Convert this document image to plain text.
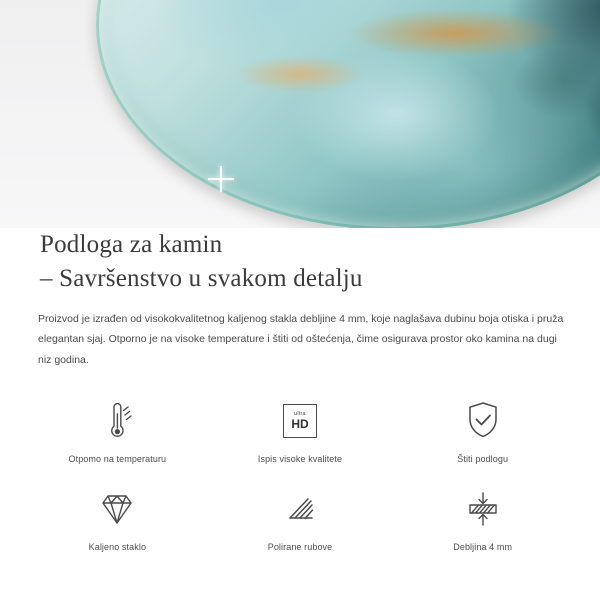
Podloga za kamin
– Savršenstvo u svakom detalju

Proizvod je izrađen od visokokvalitetnog kaljenog stakla debljine 4 mm, koje naglašava dubinu boja otiska i pruža elegantan sjaj. Otporno je na visoke temperature i štiti od oštećenja, čime osigurava prostor oko kamina na dugi niz godina.

Otpomo na temperaturu
ultra
HD
Ispis visoke kvalitete	Štiti podlogu
Kaljeno staklo	Polirane rubove	Debljina 4 mm
